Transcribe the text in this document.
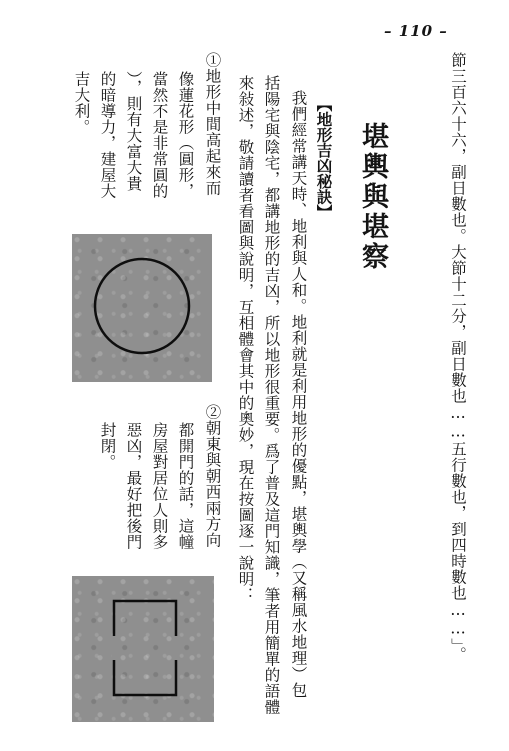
– 110 –
節三百六十六，副日數也。大節十二分，副日數也……五行數也，到四時數也……」。
堪輿與堪察
【地形吉凶秘訣】
我們經常講天時、地利與人和。地利就是利用地形的優點，堪輿學（又稱風水地理）包
括陽宅與陰宅，都講地形的吉凶，所以地形很重要。爲了普及這門知識，筆者用簡單的語體
來敍述，敬請讀者看圖與說明，互相體會其中的奧妙，現在按圖逐一說明：
①地形中間高起來而
像蓮花形（圓形，
當然不是非常圓的
），則有大富大貴
的暗導力，建屋大
吉大利。
②朝東與朝西兩方向
都開門的話，這幢
房屋對居位人則多
惡凶，最好把後門
封閉。
